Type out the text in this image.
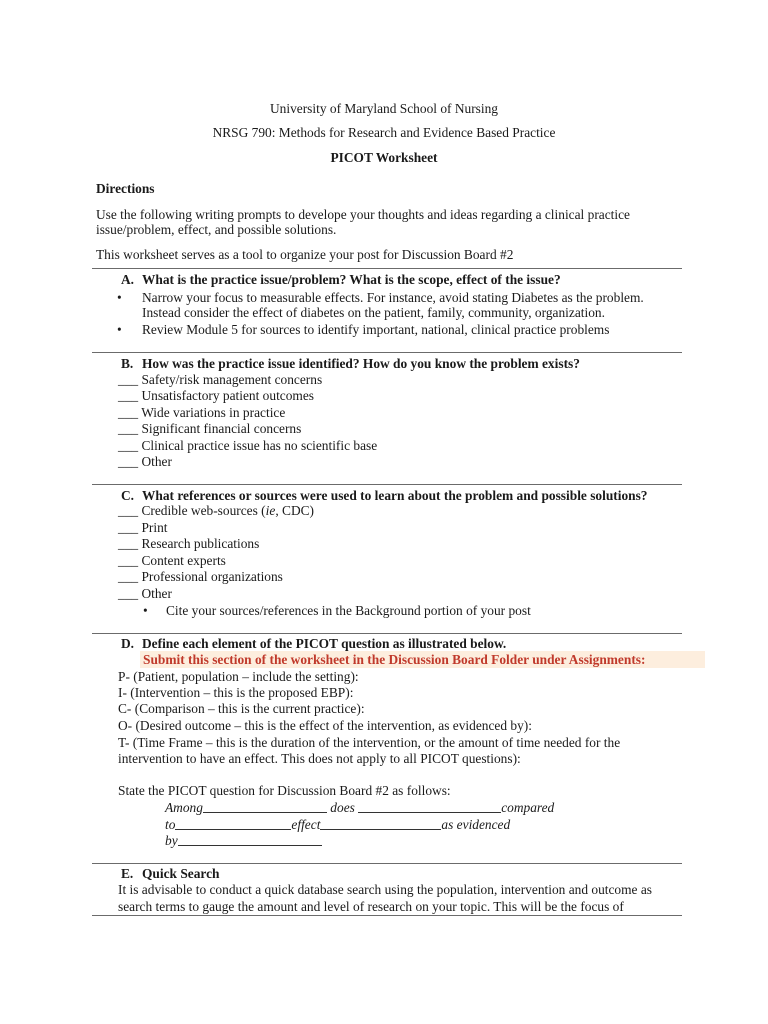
University of Maryland School of Nursing
NRSG 790: Methods for Research and Evidence Based Practice
PICOT Worksheet
Directions
Use the following writing prompts to develope your thoughts and ideas regarding a clinical practice
issue/problem, effect, and possible solutions.
This worksheet serves as a tool to organize your post for Discussion Board #2
A. What is the practice issue/problem? What is the scope, effect of the issue?
• Narrow your focus to measurable effects. For instance, avoid stating Diabetes as the problem.
Instead consider the effect of diabetes on the patient, family, community, organization.
• Review Module 5 for sources to identify important, national, clinical practice problems
B. How was the practice issue identified? How do you know the problem exists?
___ Safety/risk management concerns
___ Unsatisfactory patient outcomes
___ Wide variations in practice
___ Significant financial concerns
___ Clinical practice issue has no scientific base
___ Other
C. What references or sources were used to learn about the problem and possible solutions?
___ Credible web-sources (ie, CDC)
___ Print
___ Research publications
___ Content experts
___ Professional organizations
___ Other
• Cite your sources/references in the Background portion of your post
D. Define each element of the PICOT question as illustrated below.
Submit this section of the worksheet in the Discussion Board Folder under Assignments:
P- (Patient, population – include the setting):
I- (Intervention – this is the proposed EBP):
C- (Comparison – this is the current practice):
O- (Desired outcome – this is the effect of the intervention, as evidenced by):
T- (Time Frame – this is the duration of the intervention, or the amount of time needed for the
intervention to have an effect. This does not apply to all PICOT questions):
State the PICOT question for Discussion Board #2 as follows:
Among	does	compared
to	effect	as evidenced
by
E. Quick Search
It is advisable to conduct a quick database search using the population, intervention and outcome as
search terms to gauge the amount and level of research on your topic. This will be the focus of
